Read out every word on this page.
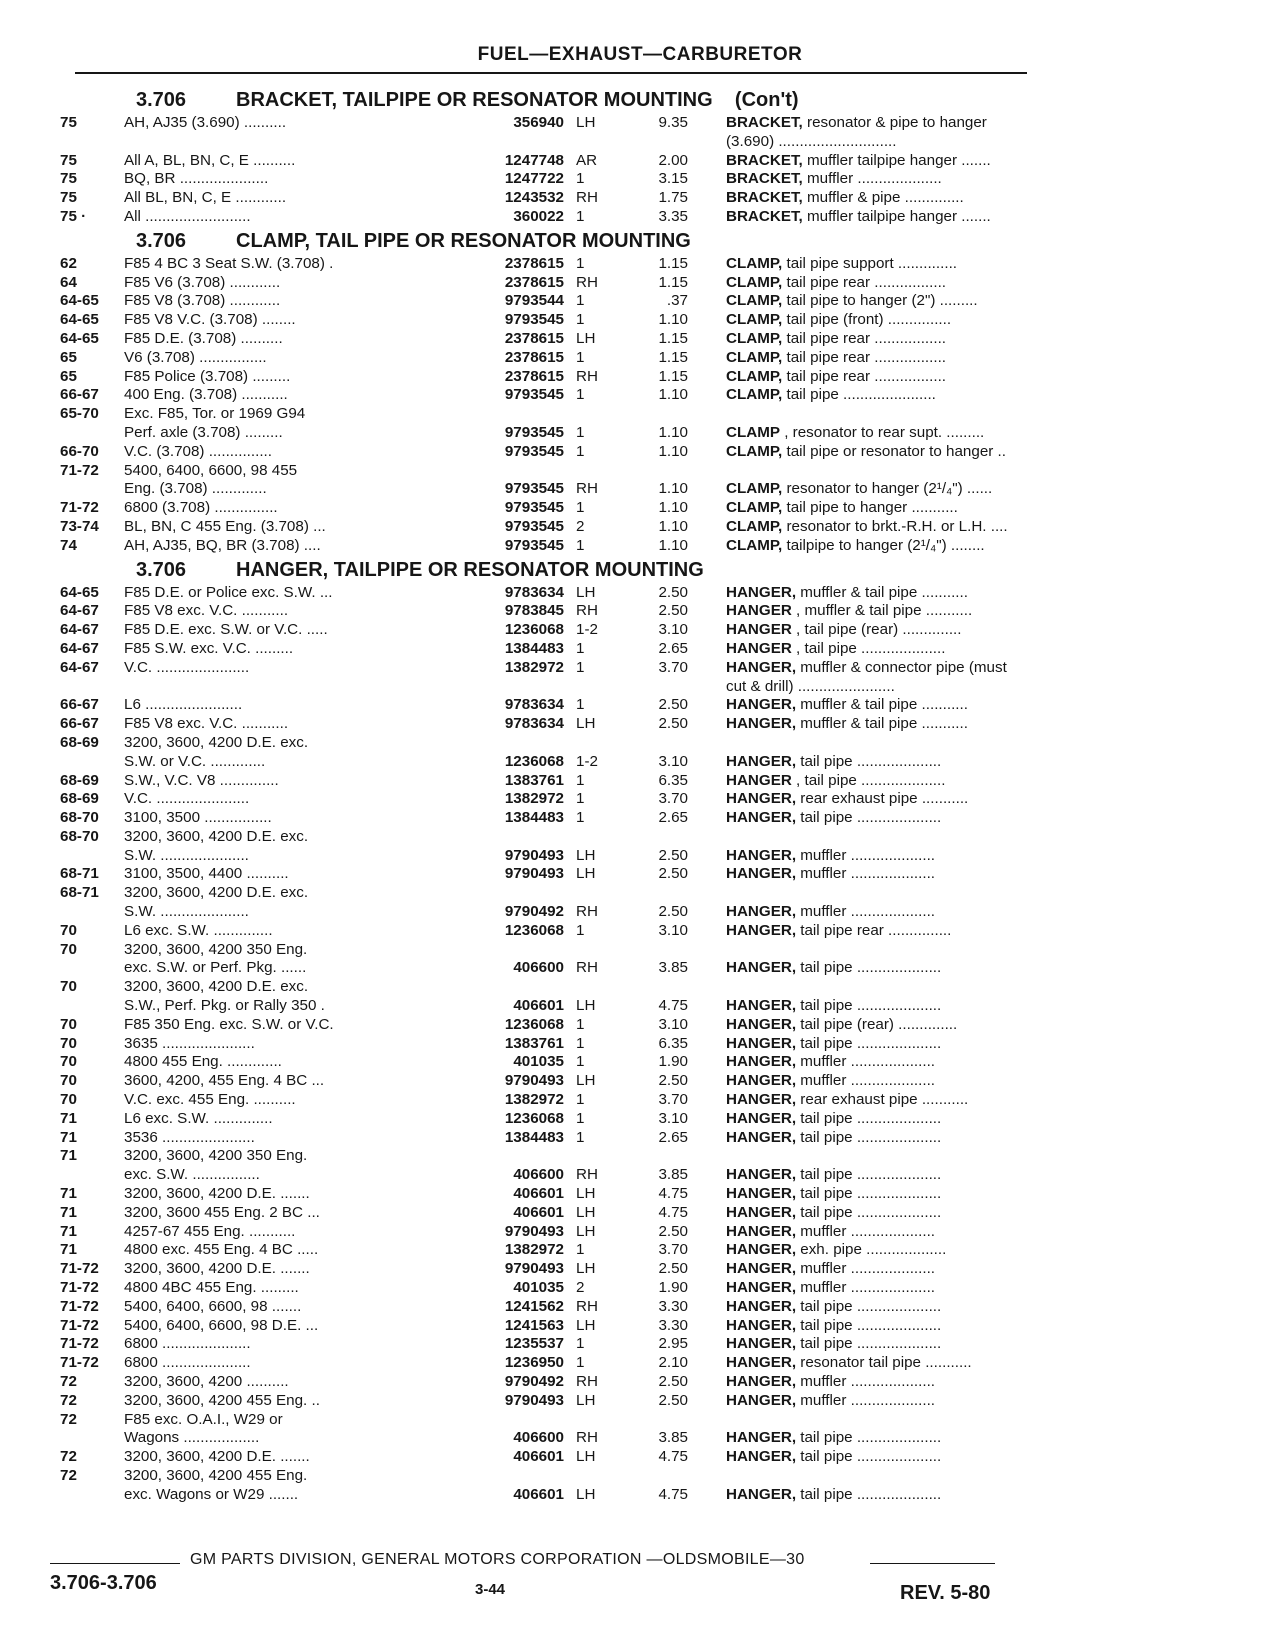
FUEL—EXHAUST—CARBURETOR
3.706 BRACKET, TAILPIPE OR RESONATOR MOUNTING (Con't)
75	AH, AJ35 (3.690) ..........	356940 LH	9.35	BRACKET, resonator & pipe to hanger
(3.690) ............................
75	All A, BL, BN, C, E ..........	1247748 AR	2.00	BRACKET, muffler tailpipe hanger .......
75	BQ, BR .....................	1247722 1	3.15	BRACKET, muffler ....................
75	All BL, BN, C, E ............	1243532 RH	1.75	BRACKET, muffler & pipe ..............
75 ·	All .........................	360022 1	3.35	BRACKET, muffler tailpipe hanger .......
3.706 CLAMP, TAIL PIPE OR RESONATOR MOUNTING
62	F85 4 BC 3 Seat S.W. (3.708) .	2378615 1	1.15	CLAMP, tail pipe support ..............
64	F85 V6 (3.708) ............	2378615 RH	1.15	CLAMP, tail pipe rear .................
64-65	F85 V8 (3.708) ............	9793544 1	.37	CLAMP, tail pipe to hanger (2") .........
64-65	F85 V8 V.C. (3.708) ........	9793545 1	1.10	CLAMP, tail pipe (front) ...............
64-65	F85 D.E. (3.708) ..........	2378615 LH	1.15	CLAMP, tail pipe rear .................
65	V6 (3.708) ................	2378615 1	1.15	CLAMP, tail pipe rear .................
65	F85 Police (3.708) .........	2378615 RH	1.15	CLAMP, tail pipe rear .................
66-67	400 Eng. (3.708) ...........	9793545 1	1.10	CLAMP, tail pipe ......................
65-70	Exc. F85, Tor. or 1969 G94
Perf. axle (3.708) .........	9793545 1	1.10	CLAMP , resonator to rear supt. .........
66-70	V.C. (3.708) ...............	9793545 1	1.10	CLAMP, tail pipe or resonator to hanger ..
71-72	5400, 6400, 6600, 98 455
Eng. (3.708) .............	9793545 RH	1.10	CLAMP, resonator to hanger (2¹/₄") ......
71-72	6800 (3.708) ...............	9793545 1	1.10	CLAMP, tail pipe to hanger ...........
73-74	BL, BN, C 455 Eng. (3.708) ...	9793545 2	1.10	CLAMP, resonator to brkt.-R.H. or L.H. ....
74	AH, AJ35, BQ, BR (3.708) ....	9793545 1	1.10	CLAMP, tailpipe to hanger (2¹/₄") ........
3.706 HANGER, TAILPIPE OR RESONATOR MOUNTING
64-65	F85 D.E. or Police exc. S.W. ...	9783634 LH	2.50	HANGER, muffler & tail pipe ...........
64-67	F85 V8 exc. V.C. ...........	9783845 RH	2.50	HANGER , muffler & tail pipe ...........
64-67	F85 D.E. exc. S.W. or V.C. .....	1236068 1-2	3.10	HANGER , tail pipe (rear) ..............
64-67	F85 S.W. exc. V.C. .........	1384483 1	2.65	HANGER , tail pipe ....................
64-67	V.C. ......................	1382972 1	3.70	HANGER, muffler & connector pipe (must
cut & drill) .......................
66-67	L6 .......................	9783634 1	2.50	HANGER, muffler & tail pipe ...........
66-67	F85 V8 exc. V.C. ...........	9783634 LH	2.50	HANGER, muffler & tail pipe ...........
68-69	3200, 3600, 4200 D.E. exc.
S.W. or V.C. .............	1236068 1-2	3.10	HANGER, tail pipe ....................
68-69	S.W., V.C. V8 ..............	1383761 1	6.35	HANGER , tail pipe ....................
68-69	V.C. ......................	1382972 1	3.70	HANGER, rear exhaust pipe ...........
68-70	3100, 3500 ................	1384483 1	2.65	HANGER, tail pipe ....................
68-70	3200, 3600, 4200 D.E. exc.
S.W. .....................	9790493 LH	2.50	HANGER, muffler ....................
68-71	3100, 3500, 4400 ..........	9790493 LH	2.50	HANGER, muffler ....................
68-71	3200, 3600, 4200 D.E. exc.
S.W. .....................	9790492 RH	2.50	HANGER, muffler ....................
70	L6 exc. S.W. ..............	1236068 1	3.10	HANGER, tail pipe rear ...............
70	3200, 3600, 4200 350 Eng.
exc. S.W. or Perf. Pkg. ......	406600 RH	3.85	HANGER, tail pipe ....................
70	3200, 3600, 4200 D.E. exc.
S.W., Perf. Pkg. or Rally 350 .	406601 LH	4.75	HANGER, tail pipe ....................
70	F85 350 Eng. exc. S.W. or V.C.	1236068 1	3.10	HANGER, tail pipe (rear) ..............
70	3635 ......................	1383761 1	6.35	HANGER, tail pipe ....................
70	4800 455 Eng. .............	401035 1	1.90	HANGER, muffler ....................
70	3600, 4200, 455 Eng. 4 BC ...	9790493 LH	2.50	HANGER, muffler ....................
70	V.C. exc. 455 Eng. ..........	1382972 1	3.70	HANGER, rear exhaust pipe ...........
71	L6 exc. S.W. ..............	1236068 1	3.10	HANGER, tail pipe ....................
71	3536 ......................	1384483 1	2.65	HANGER, tail pipe ....................
71	3200, 3600, 4200 350 Eng.
exc. S.W. ................	406600 RH	3.85	HANGER, tail pipe ....................
71	3200, 3600, 4200 D.E. .......	406601 LH	4.75	HANGER, tail pipe ....................
71	3200, 3600 455 Eng. 2 BC ...	406601 LH	4.75	HANGER, tail pipe ....................
71	4257-67 455 Eng. ...........	9790493 LH	2.50	HANGER, muffler ....................
71	4800 exc. 455 Eng. 4 BC .....	1382972 1	3.70	HANGER, exh. pipe ...................
71-72	3200, 3600, 4200 D.E. .......	9790493 LH	2.50	HANGER, muffler ....................
71-72	4800 4BC 455 Eng. .........	401035 2	1.90	HANGER, muffler ....................
71-72	5400, 6400, 6600, 98 .......	1241562 RH	3.30	HANGER, tail pipe ....................
71-72	5400, 6400, 6600, 98 D.E. ...	1241563 LH	3.30	HANGER, tail pipe ....................
71-72	6800 .....................	1235537 1	2.95	HANGER, tail pipe ....................
71-72	6800 .....................	1236950 1	2.10	HANGER, resonator tail pipe ...........
72	3200, 3600, 4200 ..........	9790492 RH	2.50	HANGER, muffler ....................
72	3200, 3600, 4200 455 Eng. ..	9790493 LH	2.50	HANGER, muffler ....................
72	F85 exc. O.A.I., W29 or
Wagons ..................	406600 RH	3.85	HANGER, tail pipe ....................
72	3200, 3600, 4200 D.E. .......	406601 LH	4.75	HANGER, tail pipe ....................
72	3200, 3600, 4200 455 Eng.
exc. Wagons or W29 .......	406601 LH	4.75	HANGER, tail pipe ....................
GM PARTS DIVISION, GENERAL MOTORS CORPORATION —OLDSMOBILE—30
3.706-3.706	3-44	REV. 5-80
